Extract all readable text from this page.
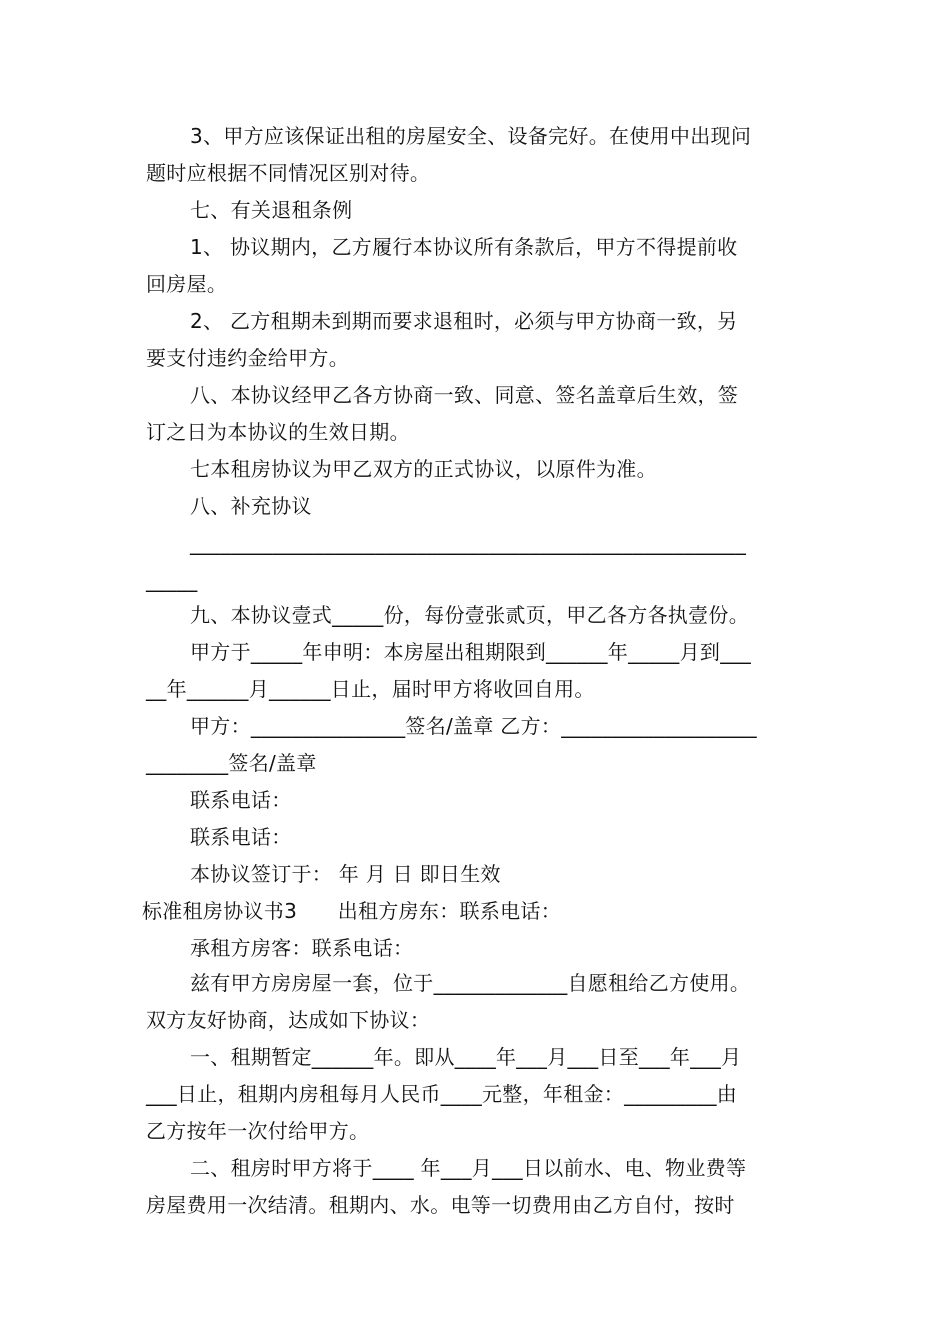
3、甲方应该保证出租的房屋安全、设备完好。在使用中出现问
题时应根据不同情况区别对待。
七、有关退租条例
1、 协议期内，乙方履行本协议所有条款后，甲方不得提前收
回房屋。
2、 乙方租期未到期而要求退租时，必须与甲方协商一致，另
要支付违约金给甲方。
八、本协议经甲乙各方协商一致、同意、签名盖章后生效，签
订之日为本协议的生效日期。
七本租房协议为甲乙双方的正式协议，以原件为准。
八、补充协议
______________________________________________________
_____
九、本协议壹式_____份，每份壹张贰页，甲乙各方各执壹份。
甲方于_____年申明：本房屋出租期限到______年_____月到___
__年______月______日止，届时甲方将收回自用。
甲方：_______________签名/盖章 乙方：___________________
________签名/盖章
联系电话：
联系电话：
本协议签订于： 年 月 日 即日生效
标准租房协议书3　　出租方房东：联系电话：
承租方房客：联系电话：
兹有甲方房房屋一套，位于_____________自愿租给乙方使用。
双方友好协商，达成如下协议：
一、租期暂定______年。即从____年___月___日至___年___月
___日止，租期内房租每月人民币____元整，年租金：_________由
乙方按年一次付给甲方。
二、租房时甲方将于____ 年___月___日以前水、电、物业费等
房屋费用一次结清。租期内、水。电等一切费用由乙方自付，按时
